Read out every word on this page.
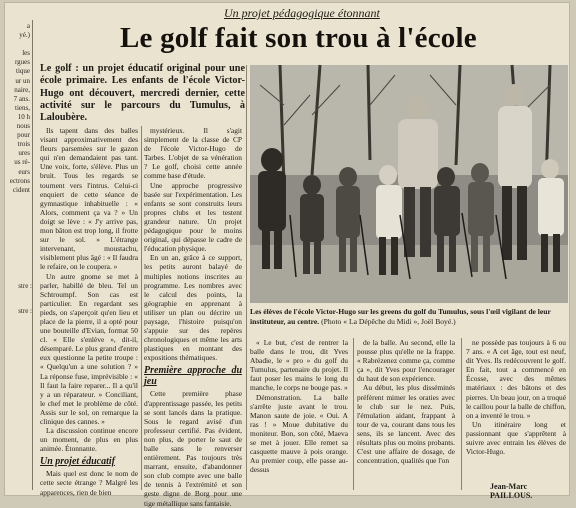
a
yé.)

les
rgues
tique
ur un
naire,
7 ans.
tiens,
10 h
nous
pour
trois
ures
us ré-
eurs
ectrons
cident
stre :
stre :
Un projet pédagogique étonnant
Le golf fait son trou à l'école
Le golf : un projet éducatif original pour une école primaire. Les enfants de l'école Victor-Hugo ont découvert, mercredi dernier, cette activité sur le parcours du Tumulus, à Laloubère.

Ils tapent dans des balles visant approximativement des fleurs parsemées sur le gazon qui n'en demandaient pas tant. Une voix, forte, s'élève. Plus un bruit. Tous les regards se tournent vers l'intrus. Celui-ci enquiert de cette séance de gymnastique inhabituelle : « Alors, comment ça va ? » Un doigt se lève : « J'y arrive pas, mon bâton est trop long, il frotte sur le sol. » L'étrange intervenant, moustachu, visiblement plus âgé : « Il faudra le refaire, on le coupera. »

Un autre gnome se met à parler, habillé de bleu. Tel un Schtroumpf. Son cas est particulier. En regardant ses pieds, on s'aperçoit qu'en lieu et place de la pierre, il a opté pour une bouteille d'Evian, format 50 cl. « Elle s'enlève », dit-il, désemparé. Le plus grand d'entre eux questionne la petite troupe : « Quelqu'un a une solution ? » La réponse fuse, imprévisible : « Il faut la faire reparer... Il a qu'il y a un réparateur. » Conciliant, le chef met le problème de côté. Assis sur le sol, on remarque la clinique des cannes. »

La discussion continue encore un moment, de plus en plus animée. Étonnante.

Un projet éducatif

Mais quel est donc le nom de cette secte étrange ? Malgré les apparences, rien de bien

mystérieux. Il s'agit simplement de la classe de CP de l'école Victor-Hugo de Tarbes. L'objet de sa vénération ? Le golf, choisi cette année comme base d'étude.

Une approche progressive basée sur l'expérimentation. Les enfants se sont construits leurs propres clubs et les testent grandeur nature. Un projet pédagogique pour le moins original, qui dépasse le cadre de l'éducation physique.

En un an, grâce à ce support, les petits auront balayé de multiples notions inscrites au programme. Les nombres avec le calcul des points, la géographie en apprenant à utiliser un plan ou décrire un paysage, l'histoire puisqu'on s'appuie sur des repères chronologiques et même les arts plastiques en montant des expositions thématiques.

Première approche du jeu

Cette première phase d'apprentissage passée, les petits se sont lancés dans la pratique. Sous le regard avisé d'un professeur certifié. Pas évident, non plus, de porter le saut de balle sans le renverser entièrement. Pas toujours très marrant, ensuite, d'abandonner son club compte avec une balle de tennis à l'extrémité et son geste digne de Borg pour une tige métallique sans fantaisie.

Les élèves de l'école Victor-Hugo sur les greens du golf du Tumulus, sous l'œil vigilant de leur instituteur, au centre. (Photo « La Dépêche du Midi », Joël Boyé.)

« Le but, c'est de rentrer la balle dans le trou, dit Yves Abadie, le « pro » du golf du Tumulus, partenaire du projet. Il faut poser les mains le long du manche, le corps ne bouge pas. »

Démonstration. La balle s'arrête juste avant le trou. Manon saute de joie. « Oui. A ras ! » Moue dubitative du moniteur. Bon, son côté, Maeva se met à jouer. Elle remet sa casquette mauve à pois orange. Au premier coup, elle passe au-dessus

de la balle. Au second, elle la pousse plus qu'elle ne la frappe. « Rabrézenez comme ça, comme ça », dit Yves pour l'encourager du haut de son expérience.

Au début, les plus disséminés préfèrent mimer les oraties avec le club sur le nez. Puis, l'émulation aidant, frappant à tour de va, courant dans tous les sens, ils se lancent. Avec des résultats plus ou moins probants. C'est une affaire de dosage, de concentration, qualités que l'on

ne possède pas toujours à 6 ou 7 ans. « A cet âge, tout est neuf, dit Yves. Ils redécouvrent le golf. En fait, tout a commencé en Écosse, avec des mêmes matériaux : des bâtons et des pierres. Un beau jour, on a troqué le caillou pour la balle de chiffon, on a inventé le trou. »

Un itinéraire long et passionnant que s'apprêtent à suivre avec entrain les élèves de Victor-Hugo.

Jean-Marc PAILLOUS.
